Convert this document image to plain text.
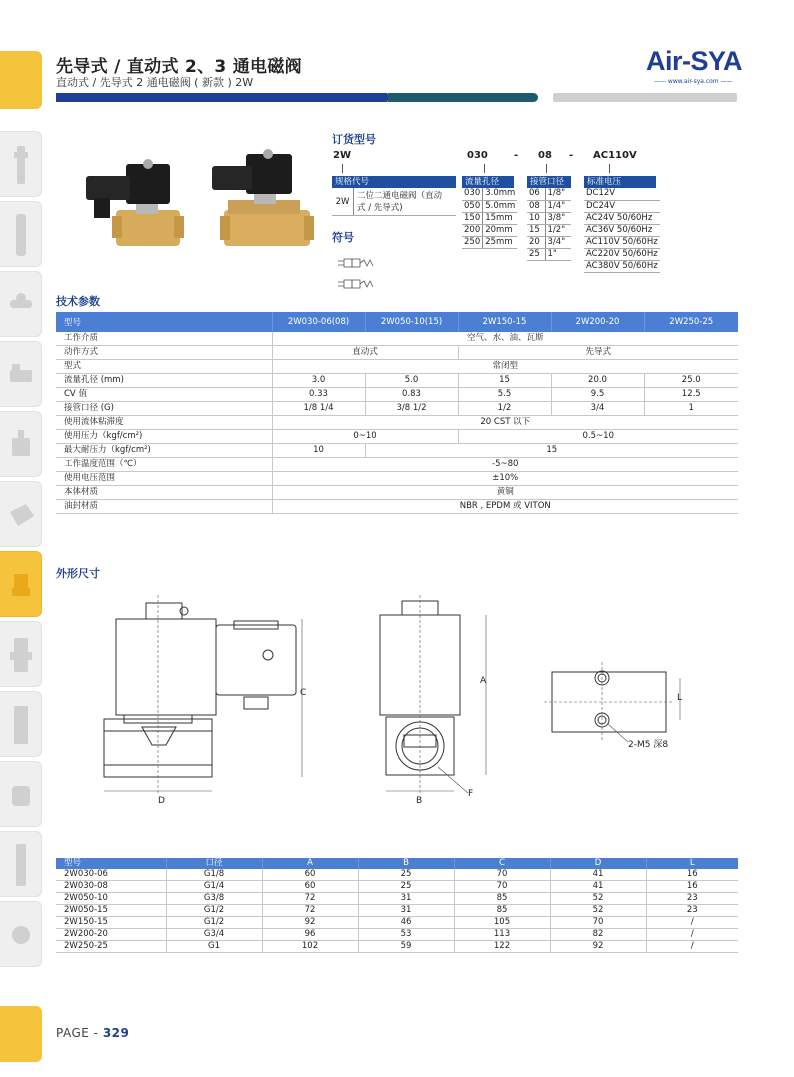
先导式 / 直动式 2、3 通电磁阀
直动式 / 先导式 2 通电磁阀 ( 新款 ) 2W
Air-SYA
—— www.air-sya.com ——
订货型号
2W	030	- 08 - AC110V
规格代号
2W
二位二通电磁阀（直动
式 / 先导式)
流量孔径
030	3.0mm
050	5.0mm
150	15mm
200	20mm
250	25mm
接管口径
06	1/8"
08	1/4"
10	3/8"
15	1/2"
20	3/4"
25	1"
标准电压
DC12V
DC24V
AC24V 50/60Hz
AC36V 50/60Hz
AC110V 50/60Hz
AC220V 50/60Hz
AC380V 50/60Hz
符号
技术参数
型号	2W030-06(08)	2W050-10(15)	2W150-15	2W200-20	2W250-25
工作介质	空气、水、油、瓦斯				
动作方式	直动式		先导式		
型式	常闭型				
流量孔径 (mm)	3.0	5.0	15	20.0	25.0
CV 值	0.33	0.83	5.5	9.5	12.5
接管口径 (G)	1/8 1/4	3/8 1/2	1/2	3/4	1
使用流体粘滞度	20 CST 以下				
使用压力（kgf/cm²)	0~10		0.5~10		
最大耐压力（kgf/cm²)	10	15			
工作温度范围（℃）	-5~80				
使用电压范围	±10%				
本体材质	黄铜				
油封材质	NBR , EPDM 或 VITON				
外形尺寸
C
D
A
B
F
L
2-M5 深8
型号	口径	A	B	C	D	L
2W030-06	G1/8	60	25	70	41	16
2W030-08	G1/4	60	25	70	41	16
2W050-10	G3/8	72	31	85	52	23
2W050-15	G1/2	72	31	85	52	23
2W150-15	G1/2	92	46	105	70	/
2W200-20	G3/4	96	53	113	82	/
2W250-25	G1	102	59	122	92	/
PAGE - 329
